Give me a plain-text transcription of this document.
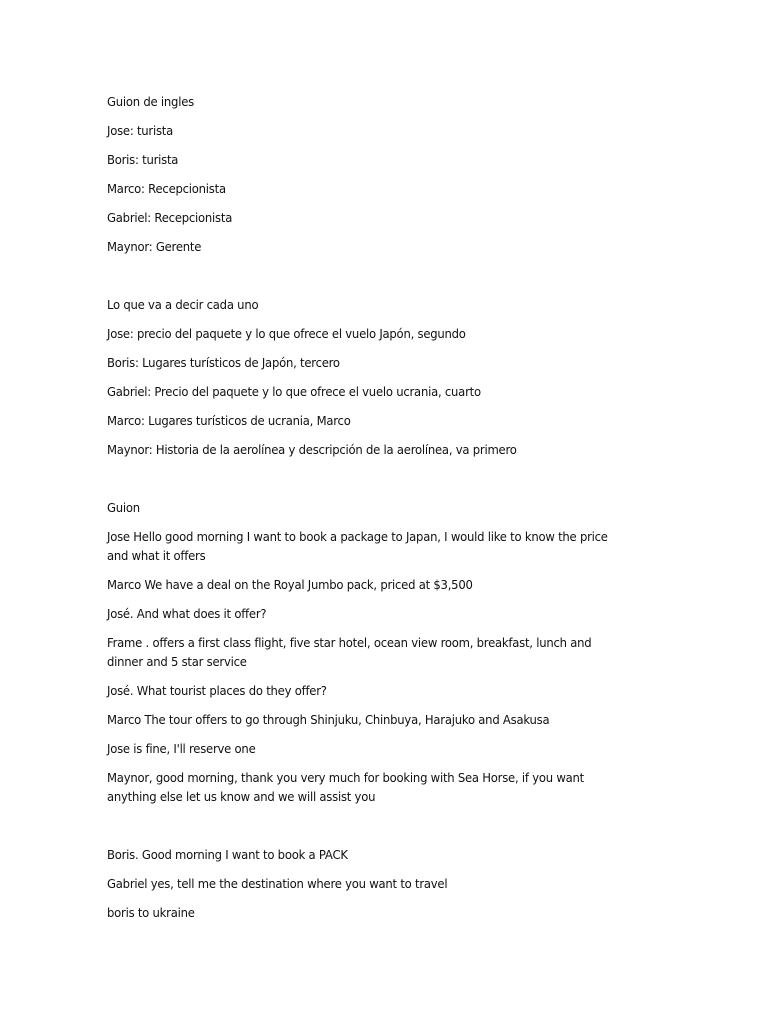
Guion de ingles
Jose: turista
Boris: turista
Marco: Recepcionista
Gabriel: Recepcionista
Maynor: Gerente
Lo que va a decir cada uno
Jose: precio del paquete y lo que ofrece el vuelo Japón, segundo
Boris: Lugares turísticos de Japón, tercero
Gabriel: Precio del paquete y lo que ofrece el vuelo ucrania, cuarto
Marco: Lugares turísticos de ucrania, Marco
Maynor: Historia de la aerolínea y descripción de la aerolínea, va primero
Guion
Jose Hello good morning I want to book a package to Japan, I would like to know the price and what it offers
Marco We have a deal on the Royal Jumbo pack, priced at $3,500
José. And what does it offer?
Frame . offers a first class flight, five star hotel, ocean view room, breakfast, lunch and dinner and 5 star service
José. What tourist places do they offer?
Marco The tour offers to go through Shinjuku, Chinbuya, Harajuko and Asakusa
Jose is fine, I'll reserve one
Maynor, good morning, thank you very much for booking with Sea Horse, if you want anything else let us know and we will assist you
Boris. Good morning I want to book a PACK
Gabriel yes, tell me the destination where you want to travel
boris to ukraine
